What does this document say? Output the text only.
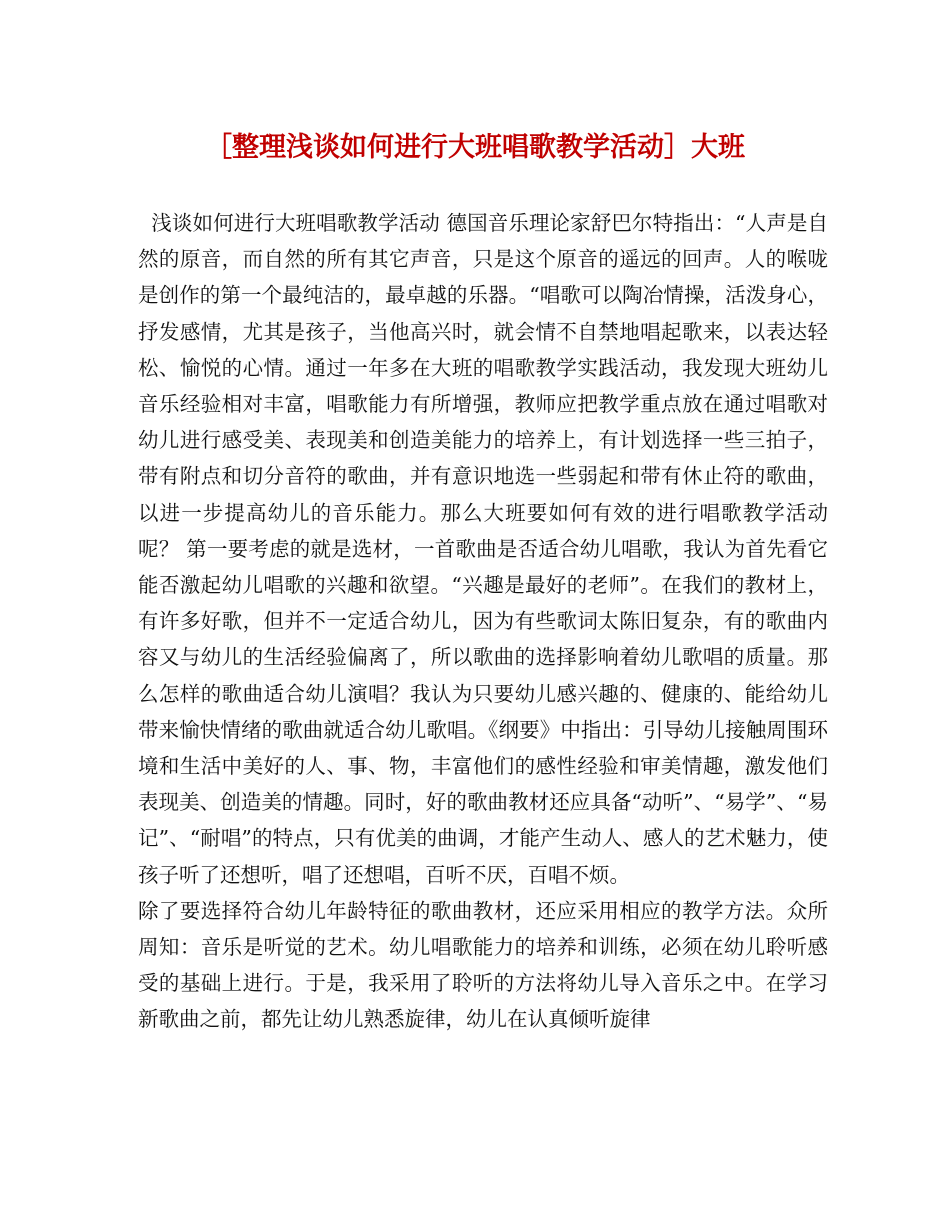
［整理浅谈如何进行大班唱歌教学活动］大班

浅谈如何进行大班唱歌教学活动 德国音乐理论家舒巴尔特指出：“人声是自然的原音，而自然的所有其它声音，只是这个原音的遥远的回声。人的喉咙是创作的第一个最纯洁的，最卓越的乐器。“唱歌可以陶冶情操，活泼身心，抒发感情，尤其是孩子，当他高兴时，就会情不自禁地唱起歌来，以表达轻松、愉悦的心情。通过一年多在大班的唱歌教学实践活动，我发现大班幼儿音乐经验相对丰富，唱歌能力有所增强，教师应把教学重点放在通过唱歌对幼儿进行感受美、表现美和创造美能力的培养上，有计划选择一些三拍子，带有附点和切分音符的歌曲，并有意识地选一些弱起和带有休止符的歌曲，以进一步提高幼儿的音乐能力。那么大班要如何有效的进行唱歌教学活动呢？ 第一要考虑的就是选材，一首歌曲是否适合幼儿唱歌，我认为首先看它能否激起幼儿唱歌的兴趣和欲望。“兴趣是最好的老师”。在我们的教材上，有许多好歌，但并不一定适合幼儿，因为有些歌词太陈旧复杂，有的歌曲内容又与幼儿的生活经验偏离了，所以歌曲的选择影响着幼儿歌唱的质量。那么怎样的歌曲适合幼儿演唱？我认为只要幼儿感兴趣的、健康的、能给幼儿带来愉快情绪的歌曲就适合幼儿歌唱。《纲要》中指出：引导幼儿接触周围环境和生活中美好的人、事、物，丰富他们的感性经验和审美情趣，激发他们表现美、创造美的情趣。同时，好的歌曲教材还应具备“动听”、“易学”、“易记”、“耐唱”的特点，只有优美的曲调，才能产生动人、感人的艺术魅力，使孩子听了还想听，唱了还想唱，百听不厌，百唱不烦。

除了要选择符合幼儿年龄特征的歌曲教材，还应采用相应的教学方法。众所周知：音乐是听觉的艺术。幼儿唱歌能力的培养和训练，必须在幼儿聆听感受的基础上进行。于是，我采用了聆听的方法将幼儿导入音乐之中。在学习新歌曲之前，都先让幼儿熟悉旋律，幼儿在认真倾听旋律
